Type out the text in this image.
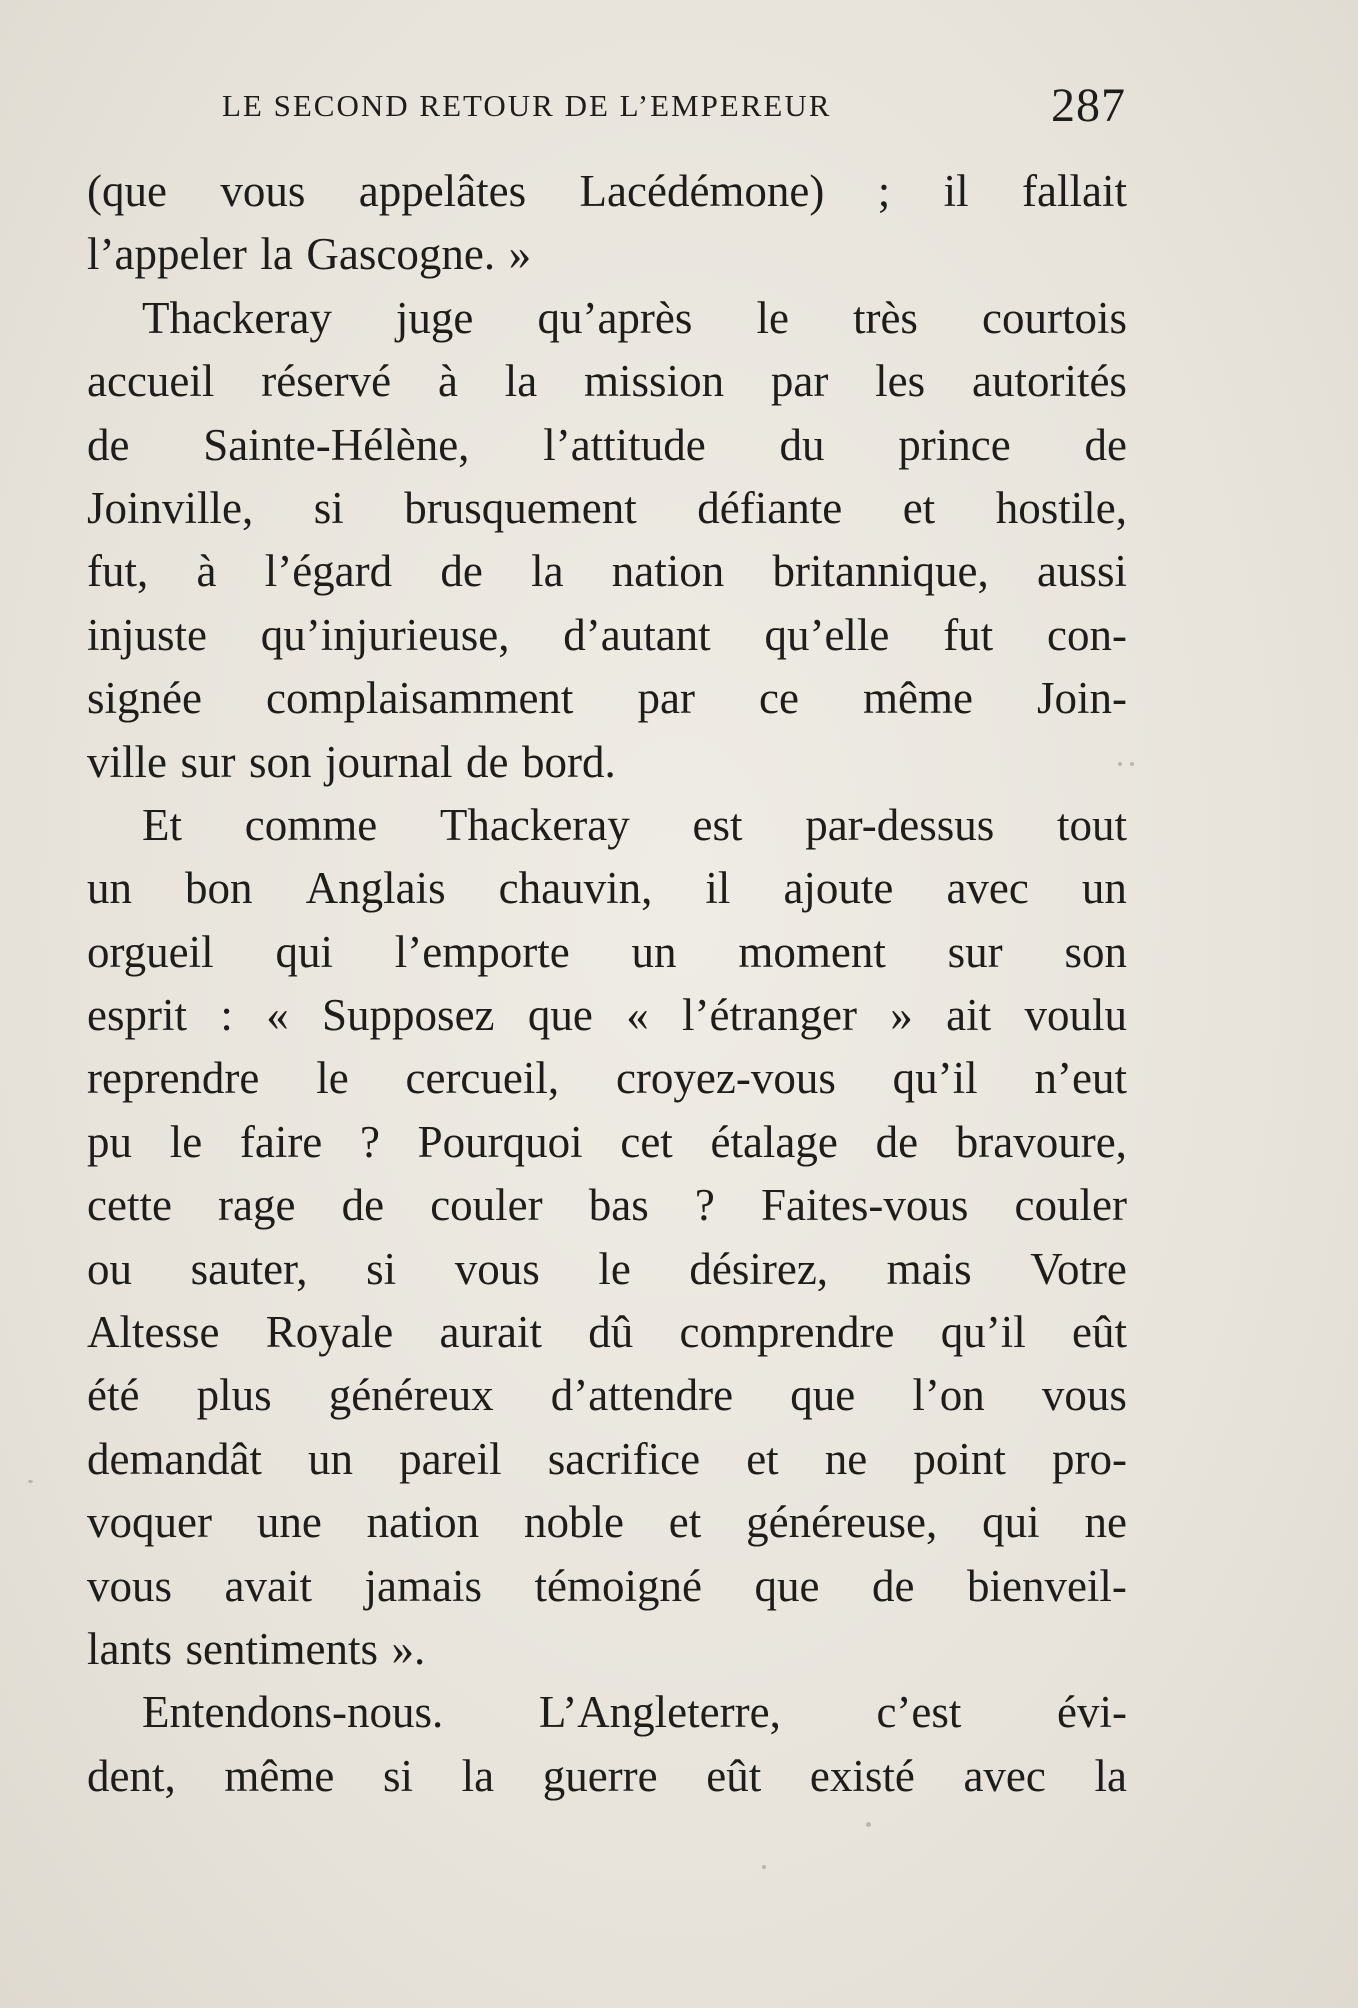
LE SECOND RETOUR DE L’EMPEREUR	287
(que vous appelâtes Lacédémone) ; il fallait
l’appeler la Gascogne. »
Thackeray juge qu’après le très courtois
accueil réservé à la mission par les autorités
de Sainte-Hélène, l’attitude du prince de
Joinville, si brusquement défiante et hostile,
fut, à l’égard de la nation britannique, aussi
injuste qu’injurieuse, d’autant qu’elle fut con-
signée complaisamment par ce même Join-
ville sur son journal de bord.
Et comme Thackeray est par-dessus tout
un bon Anglais chauvin, il ajoute avec un
orgueil qui l’emporte un moment sur son
esprit : « Supposez que « l’étranger » ait voulu
reprendre le cercueil, croyez-vous qu’il n’eut
pu le faire ? Pourquoi cet étalage de bravoure,
cette rage de couler bas ? Faites-vous couler
ou sauter, si vous le désirez, mais Votre
Altesse Royale aurait dû comprendre qu’il eût
été plus généreux d’attendre que l’on vous
demandât un pareil sacrifice et ne point pro-
voquer une nation noble et généreuse, qui ne
vous avait jamais témoigné que de bienveil-
lants sentiments ».
Entendons-nous. L’Angleterre, c’est évi-
dent, même si la guerre eût existé avec la
